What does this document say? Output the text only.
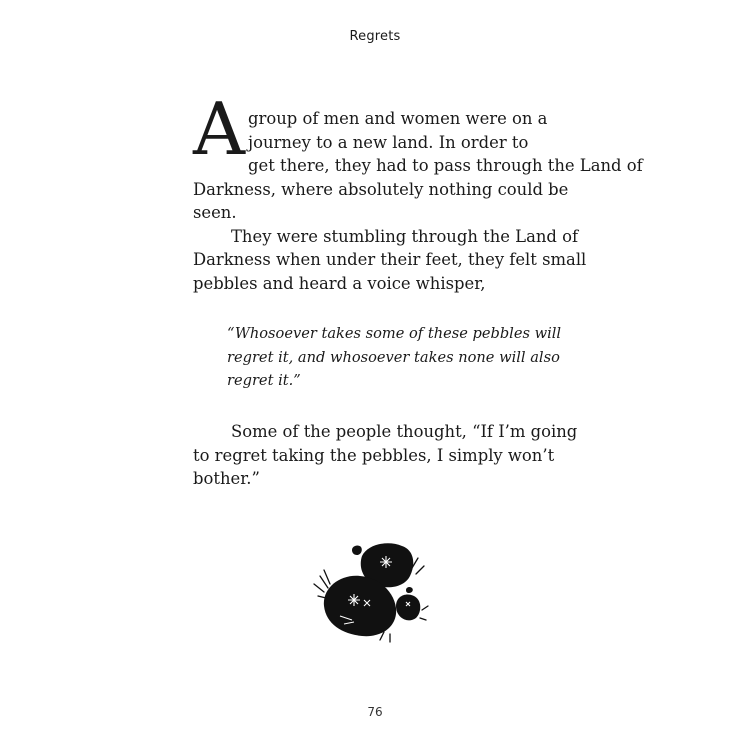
Regrets
A group of men and women were on a
journey to a new land. In order to
get there, they had to pass through the Land of
Darkness, where absolutely nothing could be
seen.
They were stumbling through the Land of
Darkness when under their feet, they felt small
pebbles and heard a voice whisper,
“Whosoever takes some of these pebbles will
regret it, and whosoever takes none will also
regret it.”
Some of the people thought, “If I’m going
to regret taking the pebbles, I simply won’t
bother.”
76
